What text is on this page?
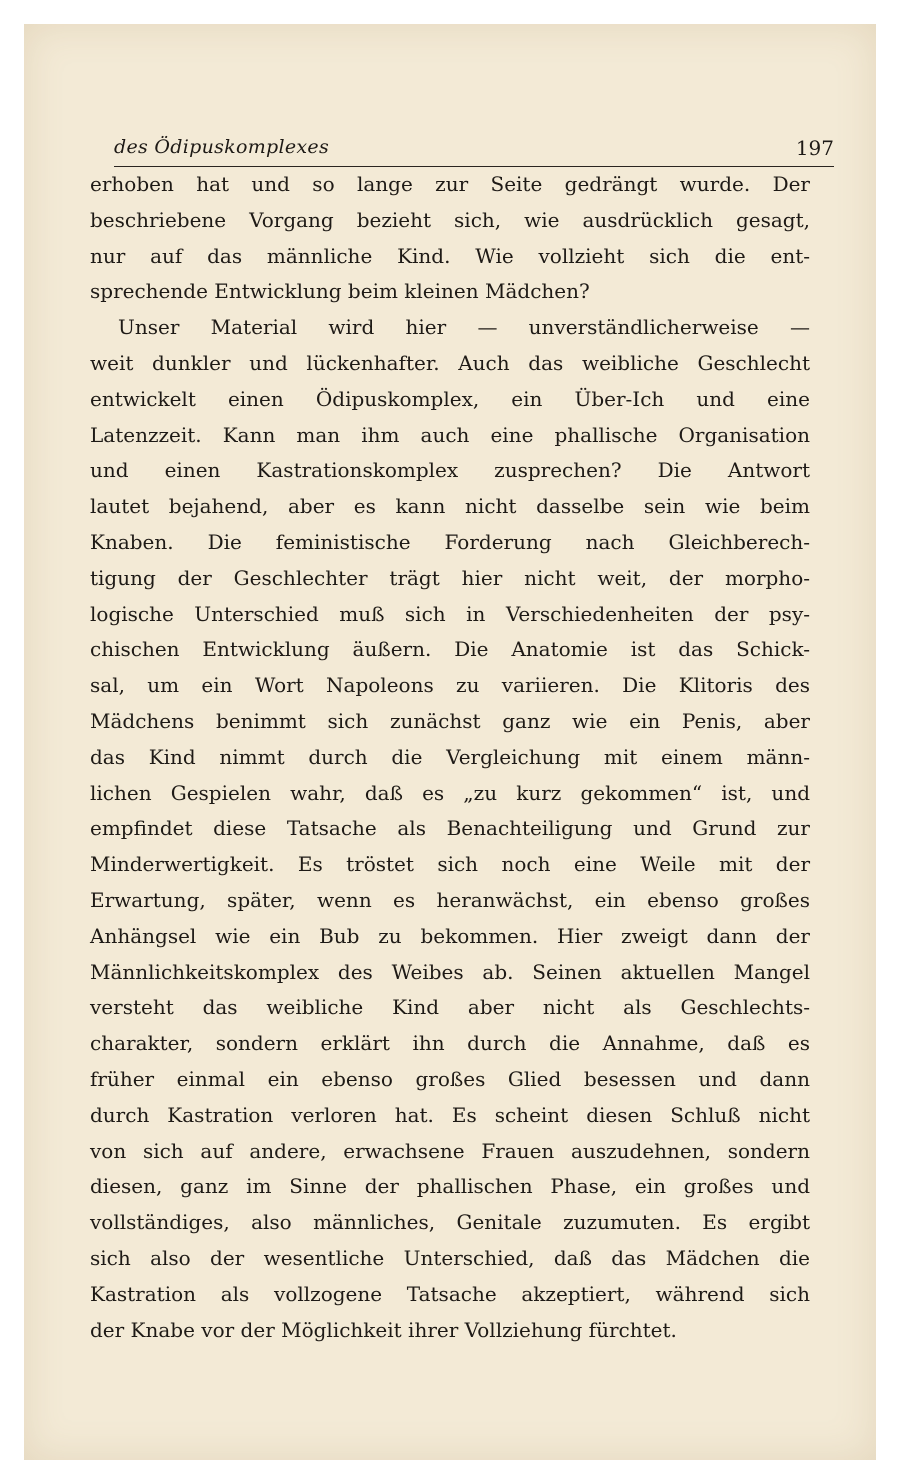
des Ödipuskomplexes	197
erhoben hat und so lange zur Seite gedrängt wurde. Der
beschriebene Vorgang bezieht sich, wie ausdrücklich gesagt,
nur auf das männliche Kind. Wie vollzieht sich die ent-
sprechende Entwicklung beim kleinen Mädchen?
Unser Material wird hier — unverständlicherweise —
weit dunkler und lückenhafter. Auch das weibliche Geschlecht
entwickelt einen Ödipuskomplex, ein Über-Ich und eine
Latenzzeit. Kann man ihm auch eine phallische Organisation
und einen Kastrationskomplex zusprechen? Die Antwort
lautet bejahend, aber es kann nicht dasselbe sein wie beim
Knaben. Die feministische Forderung nach Gleichberech-
tigung der Geschlechter trägt hier nicht weit, der morpho-
logische Unterschied muß sich in Verschiedenheiten der psy-
chischen Entwicklung äußern. Die Anatomie ist das Schick-
sal, um ein Wort Napoleons zu variieren. Die Klitoris des
Mädchens benimmt sich zunächst ganz wie ein Penis, aber
das Kind nimmt durch die Vergleichung mit einem männ-
lichen Gespielen wahr, daß es „zu kurz gekommen“ ist, und
empfindet diese Tatsache als Benachteiligung und Grund zur
Minderwertigkeit. Es tröstet sich noch eine Weile mit der
Erwartung, später, wenn es heranwächst, ein ebenso großes
Anhängsel wie ein Bub zu bekommen. Hier zweigt dann der
Männlichkeitskomplex des Weibes ab. Seinen aktuellen Mangel
versteht das weibliche Kind aber nicht als Geschlechts-
charakter, sondern erklärt ihn durch die Annahme, daß es
früher einmal ein ebenso großes Glied besessen und dann
durch Kastration verloren hat. Es scheint diesen Schluß nicht
von sich auf andere, erwachsene Frauen auszudehnen, sondern
diesen, ganz im Sinne der phallischen Phase, ein großes und
vollständiges, also männliches, Genitale zuzumuten. Es ergibt
sich also der wesentliche Unterschied, daß das Mädchen die
Kastration als vollzogene Tatsache akzeptiert, während sich
der Knabe vor der Möglichkeit ihrer Vollziehung fürchtet.
